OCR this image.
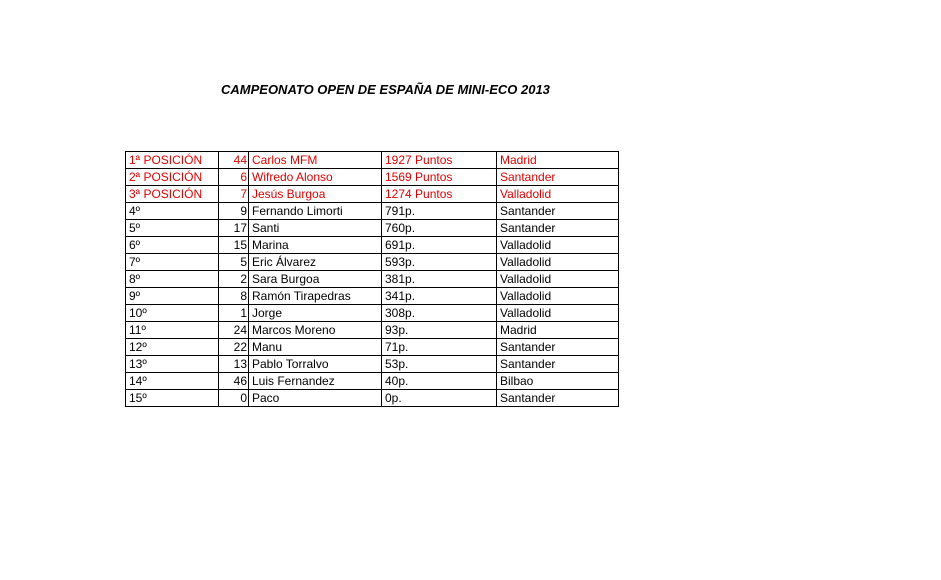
CAMPEONATO OPEN DE ESPAÑA DE MINI-ECO 2013
1ª POSICIÓN	44	Carlos MFM	1927 Puntos	Madrid
2ª POSICIÓN	6	Wifredo Alonso	1569 Puntos	Santander
3ª POSICIÓN	7	Jesús Burgoa	1274 Puntos	Valladolid
4º	9	Fernando Limorti	791p.	Santander
5º	17	Santi	760p.	Santander
6º	15	Marina	691p.	Valladolid
7º	5	Eric Álvarez	593p.	Valladolid
8º	2	Sara Burgoa	381p.	Valladolid
9º	8	Ramón Tirapedras	341p.	Valladolid
10º	1	Jorge	308p.	Valladolid
11º	24	Marcos Moreno	93p.	Madrid
12º	22	Manu	71p.	Santander
13º	13	Pablo Torralvo	53p.	Santander
14º	46	Luis Fernandez	40p.	Bilbao
15º	0	Paco	0p.	Santander
